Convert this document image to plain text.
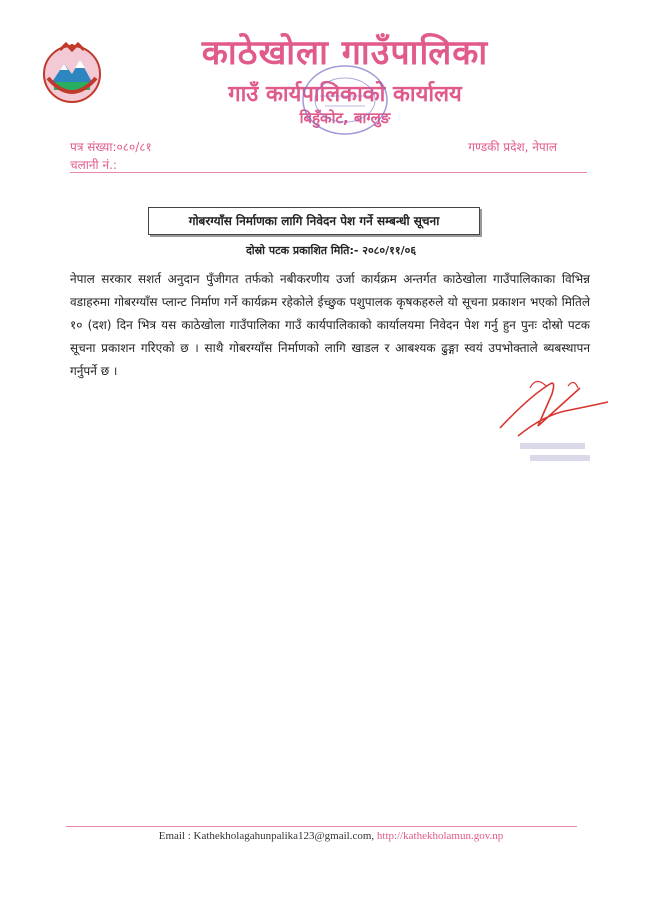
काठेखोला गाउँपालिका
गाउँ कार्यपालिकाको कार्यालय
बिहुँकोट, बाग्लुङ
पत्र संख्या:०८०/८१
चलानी नं.:
गण्डकी प्रदेश, नेपाल
गोबरग्याँस निर्माणका लागि निवेदन पेश गर्ने सम्बन्धी सूचना
दोस्रो पटक प्रकाशित मिति:- २०८०/११/०६
नेपाल सरकार सशर्त अनुदान पुँजीगत तर्फको नबीकरणीय उर्जा कार्यक्रम अन्तर्गत काठेखोला गाउँपालिकाका विभिन्न वडाहरुमा गोबरग्याँस प्लान्ट निर्माण गर्ने कार्यक्रम रहेकोले ईच्छुक पशुपालक कृषकहरुले यो सूचना प्रकाशन भएको मितिले १० (दश) दिन भित्र यस काठेखोला गाउँपालिका गाउँ कार्यपालिकाको कार्यालयमा निवेदन पेश गर्नु हुन पुनः दोस्रो पटक सूचना प्रकाशन गरिएको छ । साथै गोबरग्याँस निर्माणको लागि खाडल र आबश्यक ढुङ्गा स्वयं उपभोक्ताले ब्यबस्थापन गर्नुपर्ने छ ।
Email : Kathekholagahunpalika123@gmail.com, http://kathekholamun.gov.np
